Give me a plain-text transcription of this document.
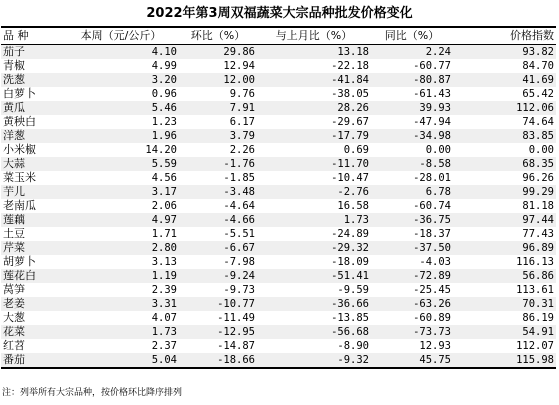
2022年第3周双福蔬菜大宗品种批发价格变化
品 种	本周（元/公斤）	环比（%）	与上月比（%）	同比（%）	价格指数
茄子	4.10	29.86	13.18	2.24	93.82
青椒	4.99	12.94	-22.18	-60.77	84.70
洗葱	3.20	12.00	-41.84	-80.87	41.69
白萝卜	0.96	9.76	-38.05	-61.43	65.42
黄瓜	5.46	7.91	28.26	39.93	112.06
黄秧白	1.23	6.17	-29.67	-47.94	74.64
洋葱	1.96	3.79	-17.79	-34.98	83.85
小米椒	14.20	2.26	0.69	0.00	0.00
大蒜	5.59	-1.76	-11.70	-8.58	68.35
菜玉米	4.56	-1.85	-10.47	-28.01	96.26
芋儿	3.17	-3.48	-2.76	6.78	99.29
老南瓜	2.06	-4.64	16.58	-60.74	81.18
莲藕	4.97	-4.66	1.73	-36.75	97.44
土豆	1.71	-5.51	-24.89	-18.37	77.43
芹菜	2.80	-6.67	-29.32	-37.50	96.89
胡萝卜	3.13	-7.98	-18.09	-4.03	116.13
莲花白	1.19	-9.24	-51.41	-72.89	56.86
莴笋	2.39	-9.73	-9.59	-25.45	113.61
老姜	3.31	-10.77	-36.66	-63.26	70.31
大葱	4.07	-11.49	-13.85	-60.89	86.19
花菜	1.73	-12.95	-56.68	-73.73	54.91
红苕	2.37	-14.87	-8.90	12.93	112.07
番茄	5.04	-18.66	-9.32	45.75	115.98
注：列举所有大宗品种，按价格环比降序排列
